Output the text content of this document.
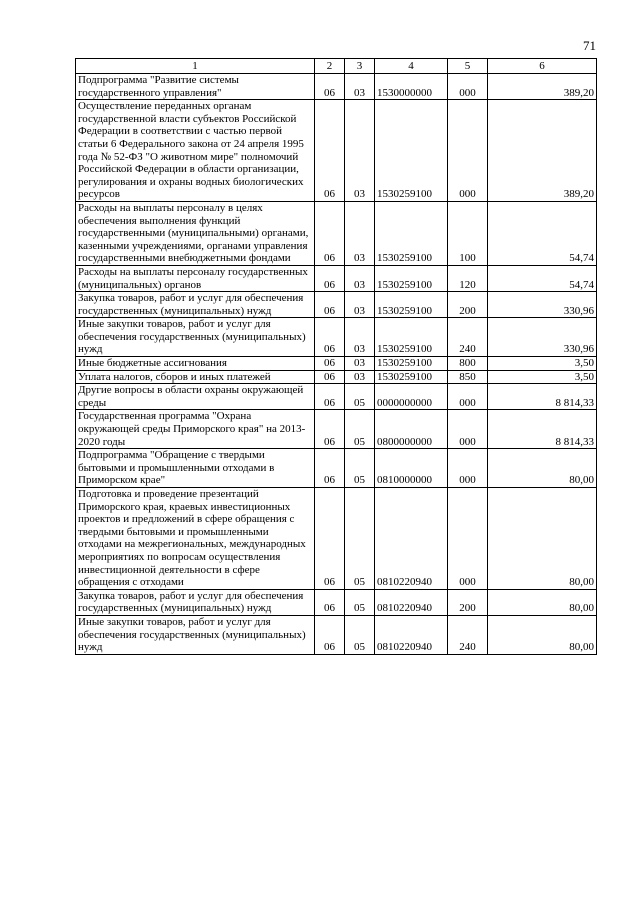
71
1	2	3	4	5	6
Подпрограмма "Развитие системы государственного управления"	06	03	1530000000	000	389,20
Осуществление переданных органам государственной власти субъектов Российской Федерации в соответствии с частью первой статьи 6 Федерального закона от 24 апреля 1995 года № 52-ФЗ "О животном мире" полномочий Российской Федерации в области организации, регулирования и охраны водных биологических ресурсов	06	03	1530259100	000	389,20
Расходы на выплаты персоналу в целях обеспечения выполнения функций государственными (муниципальными) органами, казенными учреждениями, органами управления государственными внебюджетными фондами	06	03	1530259100	100	54,74
Расходы на выплаты персоналу государственных (муниципальных) органов	06	03	1530259100	120	54,74
Закупка товаров, работ и услуг для обеспечения государственных (муниципальных) нужд	06	03	1530259100	200	330,96
Иные закупки товаров, работ и услуг для обеспечения государственных (муниципальных) нужд	06	03	1530259100	240	330,96
Иные бюджетные ассигнования	06	03	1530259100	800	3,50
Уплата налогов, сборов и иных платежей	06	03	1530259100	850	3,50
Другие вопросы в области охраны окружающей среды	06	05	0000000000	000	8 814,33
Государственная программа "Охрана окружающей среды Приморского края" на 2013-2020 годы	06	05	0800000000	000	8 814,33
Подпрограмма "Обращение с твердыми бытовыми и промышленными отходами в Приморском крае"	06	05	0810000000	000	80,00
Подготовка и проведение презентаций Приморского края, краевых инвестиционных проектов и предложений в сфере обращения с твердыми бытовыми и промышленными отходами на межрегиональных, международных мероприятиях по вопросам осуществления инвестиционной деятельности в сфере обращения с отходами	06	05	0810220940	000	80,00
Закупка товаров, работ и услуг для обеспечения государственных (муниципальных) нужд	06	05	0810220940	200	80,00
Иные закупки товаров, работ и услуг для обеспечения государственных (муниципальных) нужд	06	05	0810220940	240	80,00
